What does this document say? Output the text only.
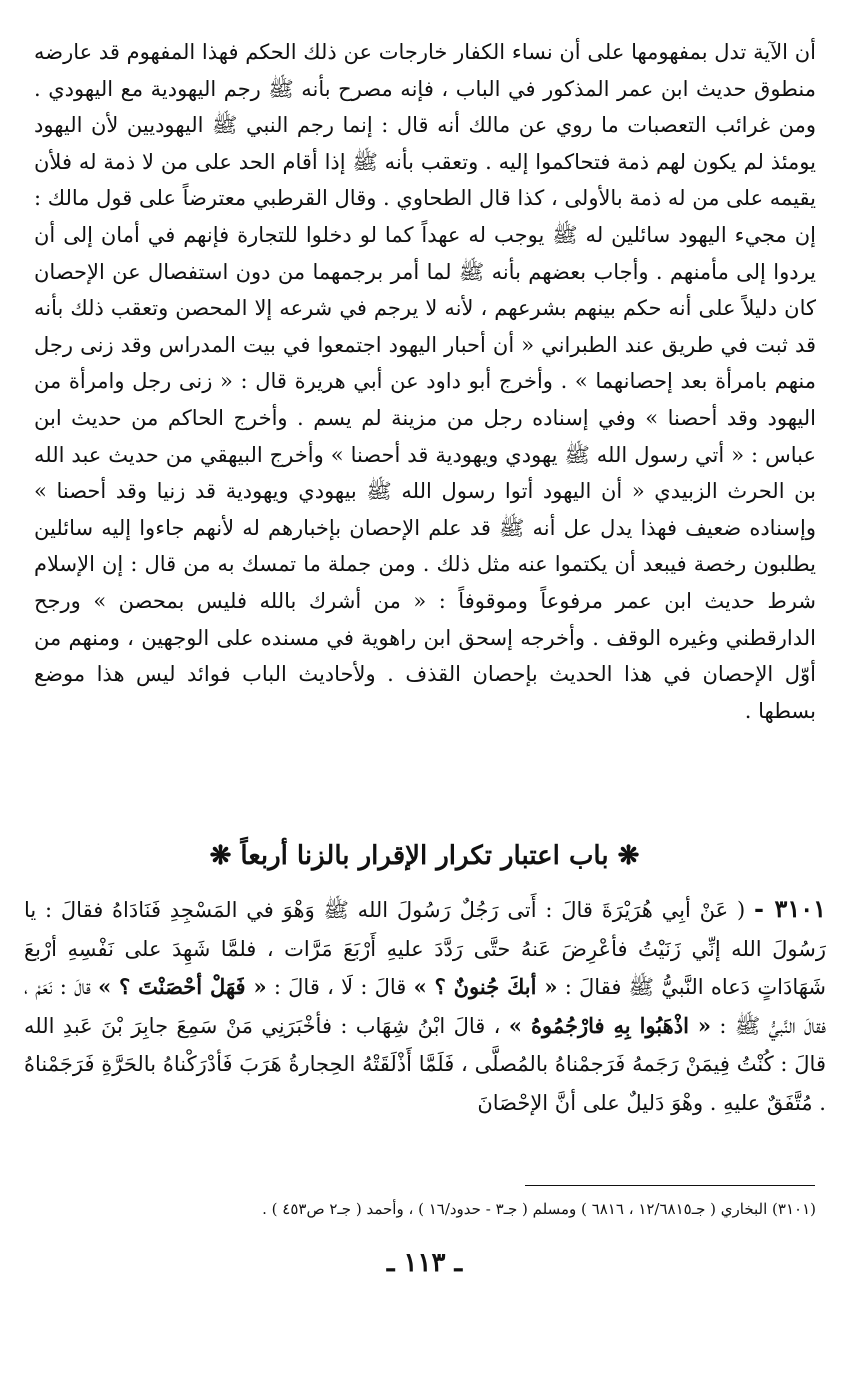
أن الآية تدل بمفهومها على أن نساء الكفار خارجات عن ذلك الحكم فهذا المفهوم قد عارضه منطوق حديث ابن عمر المذكور في الباب ، فإنه مصرح بأنه ﷺ رجم اليهودية مع اليهودي . ومن غرائب التعصبات ما روي عن مالك أنه قال : إنما رجم النبي ﷺ اليهوديين لأن اليهود يومئذ لم يكون لهم ذمة فتحاكموا إليه . وتعقب بأنه ﷺ إذا أقام الحد على من لا ذمة له فلأن يقيمه على من له ذمة بالأولى ، كذا قال الطحاوي . وقال القرطبي معترضاً على قول مالك : إن مجيء اليهود سائلين له ﷺ يوجب له عهداً كما لو دخلوا للتجارة فإنهم في أمان إلى أن يردوا إلى مأمنهم . وأجاب بعضهم بأنه ﷺ لما أمر برجمهما من دون استفصال عن الإحصان كان دليلاً على أنه حكم بينهم بشرعهم ، لأنه لا يرجم في شرعه إلا المحصن وتعقب ذلك بأنه قد ثبت في طريق عند الطبراني « أن أحبار اليهود اجتمعوا في بيت المدراس وقد زنى رجل منهم بامرأة بعد إحصانهما » . وأخرج أبو داود عن أبي هريرة قال : « زنى رجل وامرأة من اليهود وقد أحصنا » وفي إسناده رجل من مزينة لم يسم . وأخرج الحاكم من حديث ابن عباس : « أتي رسول الله ﷺ يهودي ويهودية قد أحصنا » وأخرج البيهقي من حديث عبد الله بن الحرث الزبيدي « أن اليهود أتوا رسول الله ﷺ بيهودي ويهودية قد زنيا وقد أحصنا » وإسناده ضعيف فهذا يدل عل أنه ﷺ قد علم الإحصان بإخبارهم له لأنهم جاءوا إليه سائلين يطلبون رخصة فيبعد أن يكتموا عنه مثل ذلك . ومن جملة ما تمسك به من قال : إن الإسلام شرط حديث ابن عمر مرفوعاً وموقوفاً : « من أشرك بالله فليس بمحصن » ورجح الدارقطني وغيره الوقف . وأخرجه إسحق ابن راهوية في مسنده على الوجهين ، ومنهم من أوّل الإحصان في هذا الحديث بإحصان القذف . ولأحاديث الباب فوائد ليس هذا موضع بسطها .

❋ باب اعتبار تكرار الإقرار بالزنا أربعاً ❋

٣١٠١ - ( عَنْ أبِي هُرَيْرَةَ قالَ : أَتى رَجُلٌ رَسُولَ الله ﷺ وَهْوَ في المَسْجِدِ فَنَادَاهُ فقالَ : يا رَسُولَ الله إنِّي زَنَيْتُ فأعْرِضَ عَنهُ حتَّى رَدَّدَ عليهِ أَرْبَعَ مَرَّات ، فلمَّا شَهِدَ على نَفْسِهِ أرْبعَ شَهَادَاتٍ دَعاه النَّبيُّ ﷺ فقالَ : « أبكَ جُنونٌ ؟ » قالَ : لَا ، قالَ : « فَهَلْ أحْصَنْتَ ؟ » قالَ : نَعَمْ ، فقالَ النَّبيُّ ﷺ : « اذْهَبُوا بِهِ فارْجُمُوهُ » ، قالَ ابْنُ شِهَاب : فأخْبَرَنِي مَنْ سَمِعَ جابِرَ بْنَ عَبدِ الله قالَ : كُنْتُ فِيمَنْ رَجَمهُ فَرَجمْناهُ بالمُصلَّى ، فَلَمَّا أَذْلَقَتْهُ الحِجارةُ هَرَبَ فَأدْرَكْناهُ بالحَرَّةِ فَرَجَمْناهُ . مُتَّفَقٌ عليهِ . وهْوَ دَليلٌ على أنَّ الإحْصَانَ

(٣١٠١) البخاري ( جـ١٢/٦٨١٥ ، ٦٨١٦ ) ومسلم ( جـ٣ - حدود/١٦ ) ، وأحمد ( جـ٢ ص٤٥٣ ) .
ـ ١١٣ ـ
